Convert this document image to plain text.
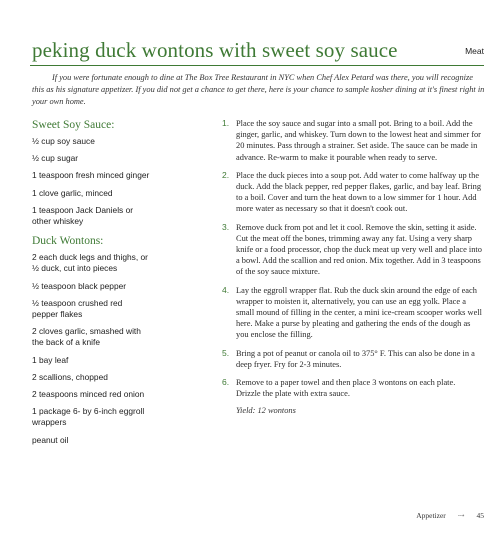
peking duck wontons with sweet soy sauce	Meat
If you were fortunate enough to dine at The Box Tree Restaurant in NYC when Chef Alex Petard was there, you will recognize this as his signature appetizer. If you did not get a chance to get there, here is your chance to sample kosher dining at it's finest right in your own home.
Sweet Soy Sauce:
½ cup soy sauce
½ cup sugar
1 teaspoon fresh minced ginger
1 clove garlic, minced
1 teaspoon Jack Daniels or other whiskey
Duck Wontons:
2 each duck legs and thighs, or ½ duck, cut into pieces
½ teaspoon black pepper
½ teaspoon crushed red pepper flakes
2 cloves garlic, smashed with the back of a knife
1 bay leaf
2 scallions, chopped
2 teaspoons minced red onion
1 package 6- by 6-inch eggroll wrappers
peanut oil
1. Place the soy sauce and sugar into a small pot. Bring to a boil. Add the ginger, garlic, and whiskey. Turn down to the lowest heat and simmer for 20 minutes. Pass through a strainer. Set aside. The sauce can be made in advance. Re-warm to make it pourable when ready to serve.
2. Place the duck pieces into a soup pot. Add water to come halfway up the duck. Add the black pepper, red pepper flakes, garlic, and bay leaf. Bring to a boil. Cover and turn the heat down to a low simmer for 1 hour. Add more water as necessary so that it doesn't cook out.
3. Remove duck from pot and let it cool. Remove the skin, setting it aside. Cut the meat off the bones, trimming away any fat. Using a very sharp knife or a food processor, chop the duck meat up very well and place into a bowl. Add the scallion and red onion. Mix together. Add in 3 teaspoons of the soy sauce mixture.
4. Lay the eggroll wrapper flat. Rub the duck skin around the edge of each wrapper to moisten it, alternatively, you can use an egg yolk. Place a small mound of filling in the center, a mini ice-cream scooper works well here. Make a purse by pleating and gathering the ends of the dough as you enclose the filling.
5. Bring a pot of peanut or canola oil to 375° F. This can also be done in a deep fryer. Fry for 2-3 minutes.
6. Remove to a paper towel and then place 3 wontons on each plate. Drizzle the plate with extra sauce.
Yield: 12 wontons
Appetizer ⤏ 45
